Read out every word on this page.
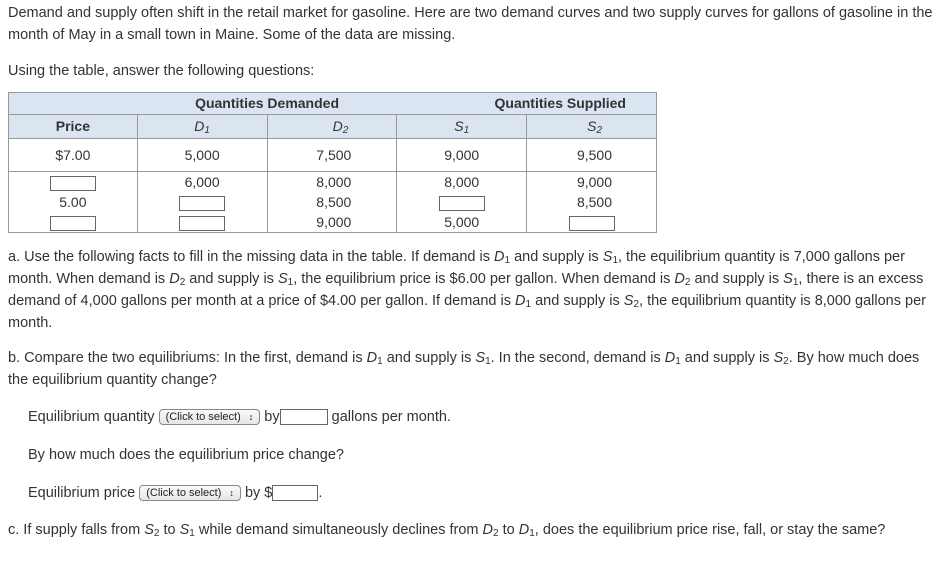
Demand and supply often shift in the retail market for gasoline. Here are two demand curves and two supply curves for gallons of gasoline in the month of May in a small town in Maine. Some of the data are missing.

Using the table, answer the following questions:

	Quantities Demanded		Quantities Supplied	
Price	$D_1$	$D_2$	$S_1$	$S_2$
$7.00	5,000	7,500	9,000	9,500
	6,000	8,000	8,000	9,000
5.00		8,500		8,500
		9,000	5,000	

a. Use the following facts to fill in the missing data in the table. If demand is $D_1$ and supply is $S_1$, the equilibrium quantity is 7,000 gallons per month. When demand is $D_2$ and supply is $S_1$, the equilibrium price is $6.00 per gallon. When demand is $D_2$ and supply is $S_1$, there is an excess demand of 4,000 gallons per month at a price of $4.00 per gallon. If demand is $D_1$ and supply is $S_2$, the equilibrium quantity is 8,000 gallons per month.

b. Compare the two equilibriums: In the first, demand is $D_1$ and supply is $S_1$. In the second, demand is $D_1$ and supply is $S_2$. By how much does the equilibrium quantity change?

Equilibrium quantity (Click to select) ↕ by	gallons per month.
By how much does the equilibrium price change?
Equilibrium price (Click to select) ↕ by $	.

c. If supply falls from $S_2$ to $S_1$ while demand simultaneously declines from $D_2$ to $D_1$, does the equilibrium price rise, fall, or stay the same?
